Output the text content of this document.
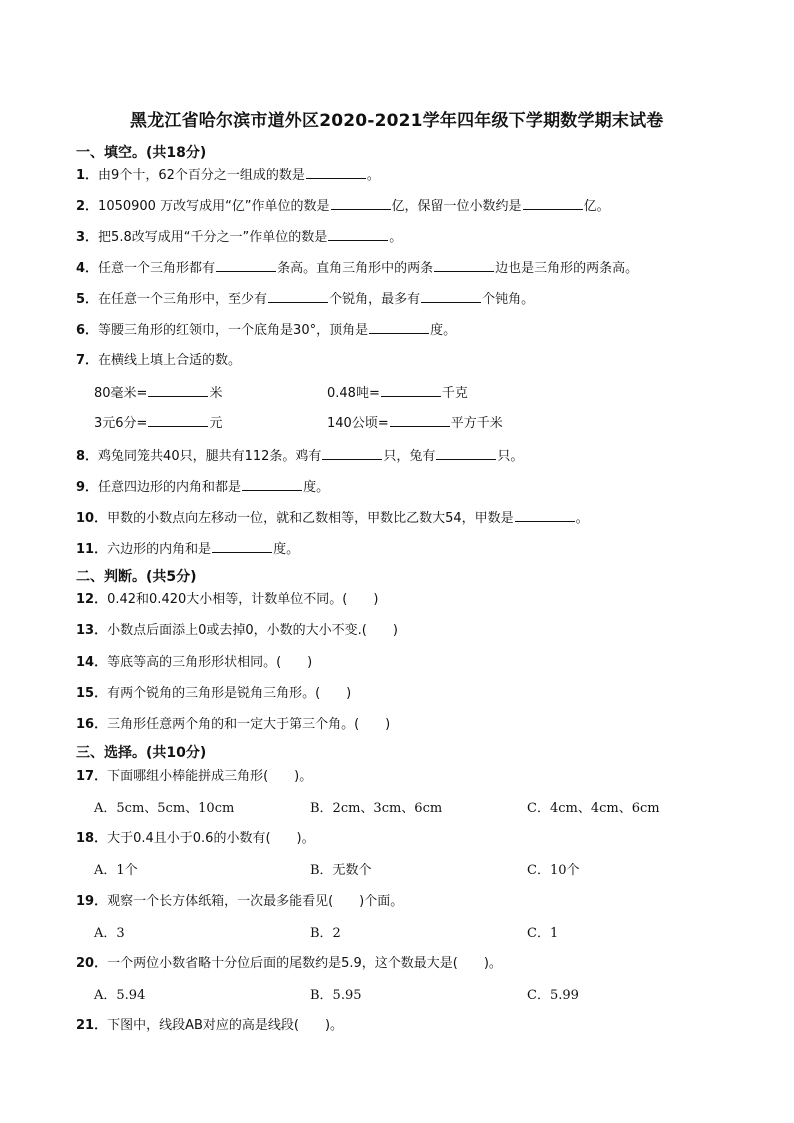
黑龙江省哈尔滨市道外区2020-2021学年四年级下学期数学期末试卷
一、填空。(共18分)
1．由9个十，62个百分之一组成的数是	。
2．1050900 万改写成用“亿”作单位的数是	亿，保留一位小数约是	亿。
3．把5.8改写成用“千分之一”作单位的数是	。
4．任意一个三角形都有	条高。直角三角形中的两条	边也是三角形的两条高。
5．在任意一个三角形中，至少有	个锐角，最多有	个钝角。
6．等腰三角形的红领巾，一个底角是30°，顶角是	度。
7．在横线上填上合适的数。
80毫米=	米	0.48吨=	千克
3元6分=	元	140公顷=	平方千米
8．鸡兔同笼共40只，腿共有112条。鸡有	只，兔有	只。
9．任意四边形的内角和都是	度。
10．甲数的小数点向左移动一位，就和乙数相等，甲数比乙数大54，甲数是	。
11．六边形的内角和是	度。
二、判断。(共5分)
12．0.42和0.420大小相等，计数单位不同。(　　)
13．小数点后面添上0或去掉0，小数的大小不变.(　　)
14．等底等高的三角形形状相同。(　　)
15．有两个锐角的三角形是锐角三角形。(　　)
16．三角形任意两个角的和一定大于第三个角。(　　)
三、选择。(共10分)
17．下面哪组小棒能拼成三角形(　　)。
A．5cm、5cm、10cm	B．2cm、3cm、6cm	C．4cm、4cm、6cm
18．大于0.4且小于0.6的小数有(　　)。
A．1个	B．无数个	C．10个
19．观察一个长方体纸箱，一次最多能看见(　　)个面。
A．3	B．2	C．1
20．一个两位小数省略十分位后面的尾数约是5.9，这个数最大是(　　)。
A．5.94	B．5.95	C．5.99
21．下图中，线段AB对应的高是线段(　　)。
